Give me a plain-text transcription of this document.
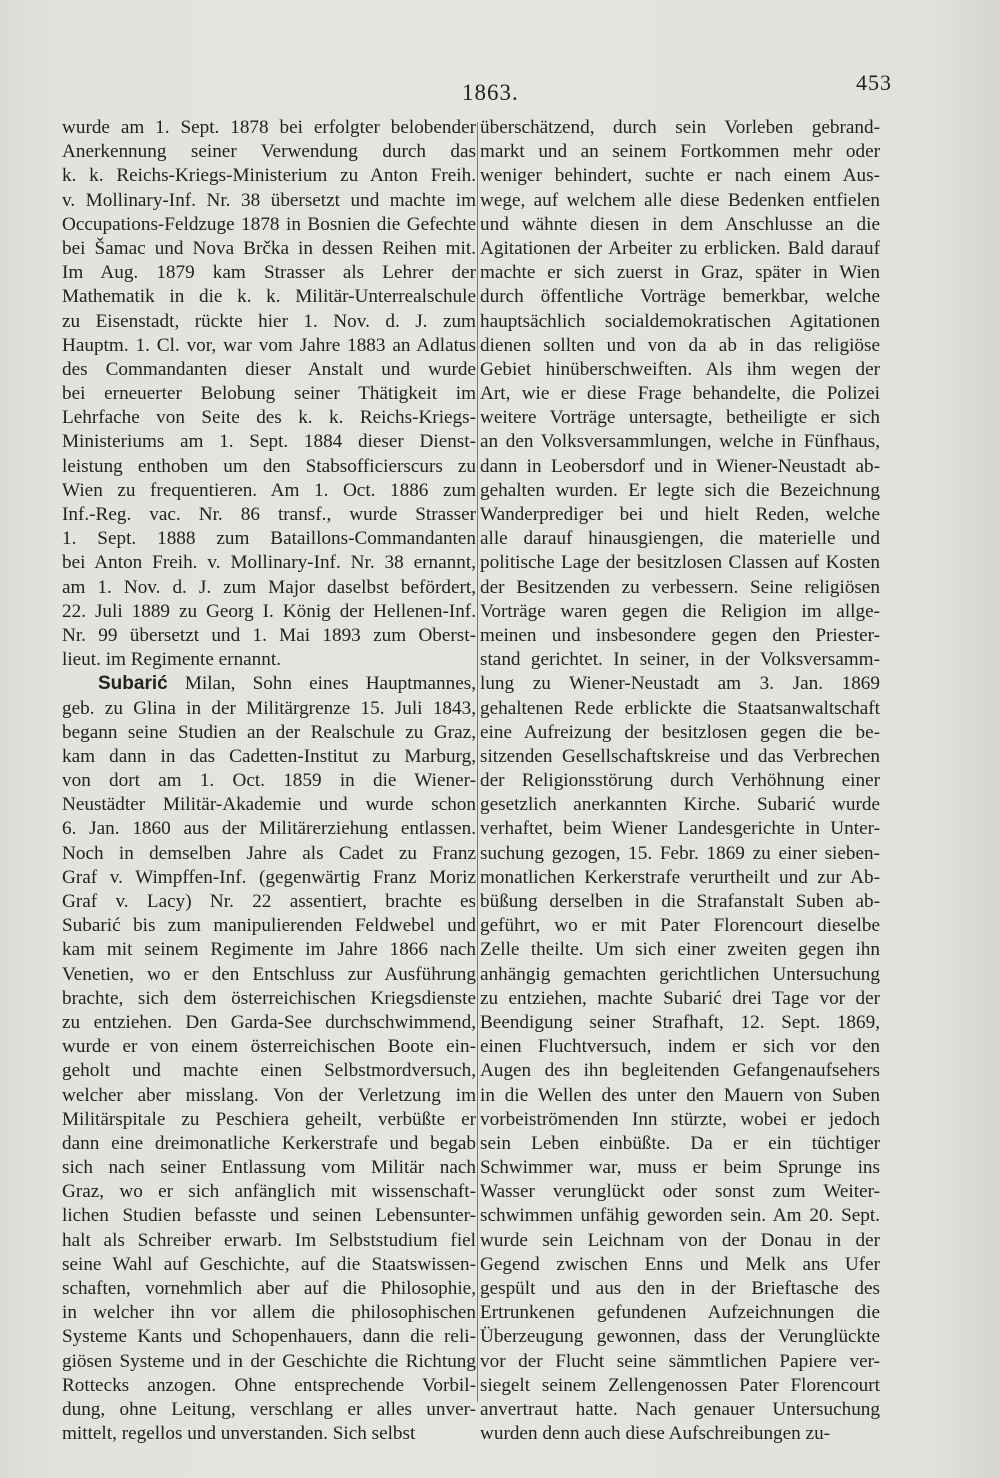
1863.	453
wurde am 1. Sept. 1878 bei erfolgter belobender
Anerkennung seiner Verwendung durch das
k. k. Reichs-Kriegs-Ministerium zu Anton Freih.
v. Mollinary-Inf. Nr. 38 übersetzt und machte im
Occupations-Feldzuge 1878 in Bosnien die Gefechte
bei Šamac und Nova Brčka in dessen Reihen mit.
Im Aug. 1879 kam Strasser als Lehrer der
Mathematik in die k. k. Militär-Unterrealschule
zu Eisenstadt, rückte hier 1. Nov. d. J. zum
Hauptm. 1. Cl. vor, war vom Jahre 1883 an Adlatus
des Commandanten dieser Anstalt und wurde
bei erneuerter Belobung seiner Thätigkeit im
Lehrfache von Seite des k. k. Reichs-Kriegs-
Ministeriums am 1. Sept. 1884 dieser Dienst-
leistung enthoben um den Stabsofficierscurs zu
Wien zu frequentieren. Am 1. Oct. 1886 zum
Inf.-Reg. vac. Nr. 86 transf., wurde Strasser
1. Sept. 1888 zum Bataillons-Commandanten
bei Anton Freih. v. Mollinary-Inf. Nr. 38 ernannt,
am 1. Nov. d. J. zum Major daselbst befördert,
22. Juli 1889 zu Georg I. König der Hellenen-Inf.
Nr. 99 übersetzt und 1. Mai 1893 zum Oberst-
lieut. im Regimente ernannt.
Subarić Milan, Sohn eines Hauptmannes,
geb. zu Glina in der Militärgrenze 15. Juli 1843,
begann seine Studien an der Realschule zu Graz,
kam dann in das Cadetten-Institut zu Marburg,
von dort am 1. Oct. 1859 in die Wiener-
Neustädter Militär-Akademie und wurde schon
6. Jan. 1860 aus der Militärerziehung entlassen.
Noch in demselben Jahre als Cadet zu Franz
Graf v. Wimpffen-Inf. (gegenwärtig Franz Moriz
Graf v. Lacy) Nr. 22 assentiert, brachte es
Subarić bis zum manipulierenden Feldwebel und
kam mit seinem Regimente im Jahre 1866 nach
Venetien, wo er den Entschluss zur Ausführung
brachte, sich dem österreichischen Kriegsdienste
zu entziehen. Den Garda-See durchschwimmend,
wurde er von einem österreichischen Boote ein-
geholt und machte einen Selbstmordversuch,
welcher aber misslang. Von der Verletzung im
Militärspitale zu Peschiera geheilt, verbüßte er
dann eine dreimonatliche Kerkerstrafe und begab
sich nach seiner Entlassung vom Militär nach
Graz, wo er sich anfänglich mit wissenschaft-
lichen Studien befasste und seinen Lebensunter-
halt als Schreiber erwarb. Im Selbststudium fiel
seine Wahl auf Geschichte, auf die Staatswissen-
schaften, vornehmlich aber auf die Philosophie,
in welcher ihn vor allem die philosophischen
Systeme Kants und Schopenhauers, dann die reli-
giösen Systeme und in der Geschichte die Richtung
Rottecks anzogen. Ohne entsprechende Vorbil-
dung, ohne Leitung, verschlang er alles unver-
mittelt, regellos und unverstanden. Sich selbst
überschätzend, durch sein Vorleben gebrand-
markt und an seinem Fortkommen mehr oder
weniger behindert, suchte er nach einem Aus-
wege, auf welchem alle diese Bedenken entfielen
und wähnte diesen in dem Anschlusse an die
Agitationen der Arbeiter zu erblicken. Bald darauf
machte er sich zuerst in Graz, später in Wien
durch öffentliche Vorträge bemerkbar, welche
hauptsächlich socialdemokratischen Agitationen
dienen sollten und von da ab in das religiöse
Gebiet hinüberschweiften. Als ihm wegen der
Art, wie er diese Frage behandelte, die Polizei
weitere Vorträge untersagte, betheiligte er sich
an den Volksversammlungen, welche in Fünfhaus,
dann in Leobersdorf und in Wiener-Neustadt ab-
gehalten wurden. Er legte sich die Bezeichnung
Wanderprediger bei und hielt Reden, welche
alle darauf hinausgiengen, die materielle und
politische Lage der besitzlosen Classen auf Kosten
der Besitzenden zu verbessern. Seine religiösen
Vorträge waren gegen die Religion im allge-
meinen und insbesondere gegen den Priester-
stand gerichtet. In seiner, in der Volksversamm-
lung zu Wiener-Neustadt am 3. Jan. 1869
gehaltenen Rede erblickte die Staatsanwaltschaft
eine Aufreizung der besitzlosen gegen die be-
sitzenden Gesellschaftskreise und das Verbrechen
der Religionsstörung durch Verhöhnung einer
gesetzlich anerkannten Kirche. Subarić wurde
verhaftet, beim Wiener Landesgerichte in Unter-
suchung gezogen, 15. Febr. 1869 zu einer sieben-
monatlichen Kerkerstrafe verurtheilt und zur Ab-
büßung derselben in die Strafanstalt Suben ab-
geführt, wo er mit Pater Florencourt dieselbe
Zelle theilte. Um sich einer zweiten gegen ihn
anhängig gemachten gerichtlichen Untersuchung
zu entziehen, machte Subarić drei Tage vor der
Beendigung seiner Strafhaft, 12. Sept. 1869,
einen Fluchtversuch, indem er sich vor den
Augen des ihn begleitenden Gefangenaufsehers
in die Wellen des unter den Mauern von Suben
vorbeiströmenden Inn stürzte, wobei er jedoch
sein Leben einbüßte. Da er ein tüchtiger
Schwimmer war, muss er beim Sprunge ins
Wasser verunglückt oder sonst zum Weiter-
schwimmen unfähig geworden sein. Am 20. Sept.
wurde sein Leichnam von der Donau in der
Gegend zwischen Enns und Melk ans Ufer
gespült und aus den in der Brieftasche des
Ertrunkenen gefundenen Aufzeichnungen die
Überzeugung gewonnen, dass der Verunglückte
vor der Flucht seine sämmtlichen Papiere ver-
siegelt seinem Zellengenossen Pater Florencourt
anvertraut hatte. Nach genauer Untersuchung
wurden denn auch diese Aufschreibungen zu-
